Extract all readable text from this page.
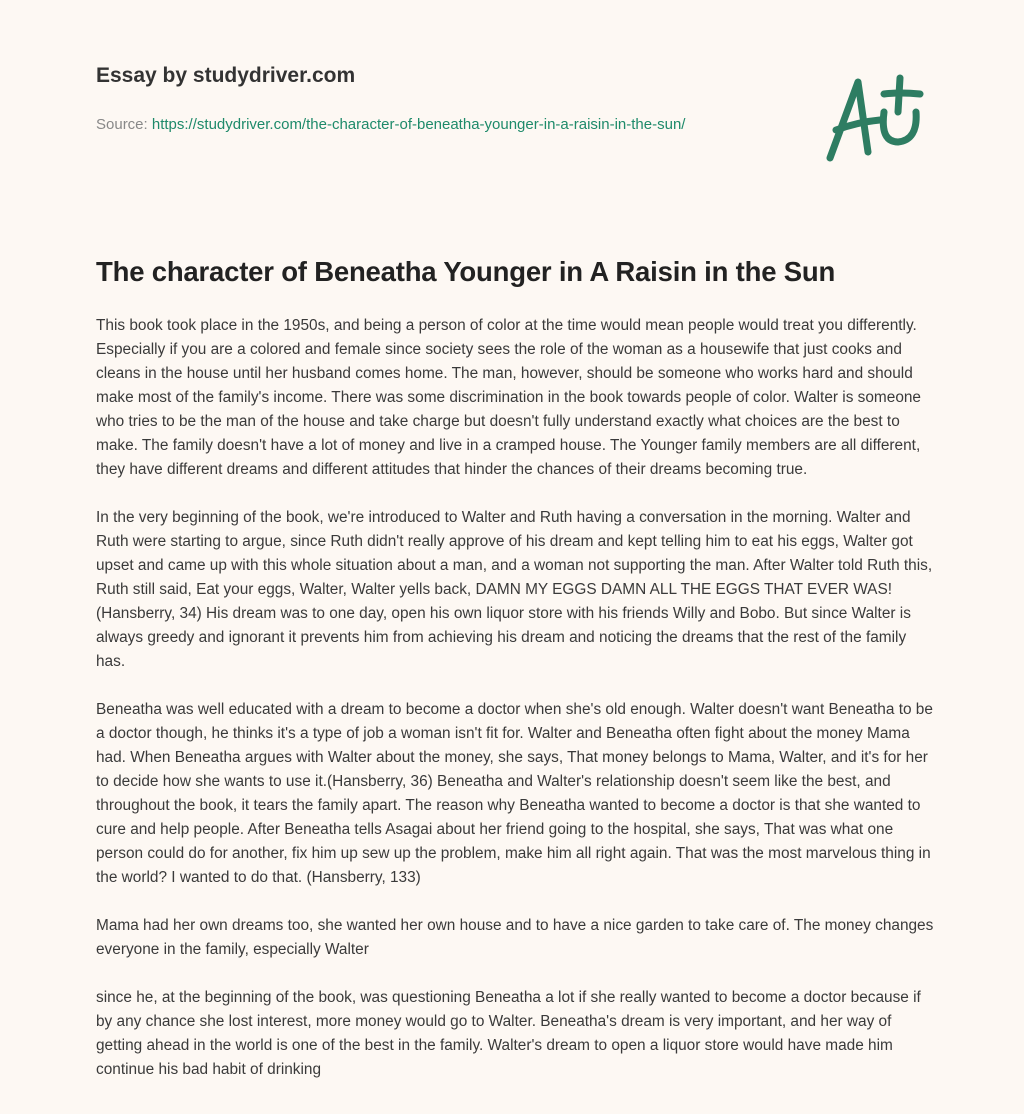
Essay by studydriver.com
Source: https://studydriver.com/the-character-of-beneatha-younger-in-a-raisin-in-the-sun/
The character of Beneatha Younger in A Raisin in the Sun

This book took place in the 1950s, and being a person of color at the time would mean people would treat you differently. Especially if you are a colored and female since society sees the role of the woman as a housewife that just cooks and cleans in the house until her husband comes home. The man, however, should be someone who works hard and should make most of the family's income. There was some discrimination in the book towards people of color. Walter is someone who tries to be the man of the house and take charge but doesn't fully understand exactly what choices are the best to make. The family doesn't have a lot of money and live in a cramped house. The Younger family members are all different, they have different dreams and different attitudes that hinder the chances of their dreams becoming true.

In the very beginning of the book, we're introduced to Walter and Ruth having a conversation in the morning. Walter and Ruth were starting to argue, since Ruth didn't really approve of his dream and kept telling him to eat his eggs, Walter got upset and came up with this whole situation about a man, and a woman not supporting the man. After Walter told Ruth this, Ruth still said, Eat your eggs, Walter, Walter yells back, DAMN MY EGGS DAMN ALL THE EGGS THAT EVER WAS! (Hansberry, 34) His dream was to one day, open his own liquor store with his friends Willy and Bobo. But since Walter is always greedy and ignorant it prevents him from achieving his dream and noticing the dreams that the rest of the family has.

Beneatha was well educated with a dream to become a doctor when she's old enough. Walter doesn't want Beneatha to be a doctor though, he thinks it's a type of job a woman isn't fit for. Walter and Beneatha often fight about the money Mama had. When Beneatha argues with Walter about the money, she says, That money belongs to Mama, Walter, and it's for her to decide how she wants to use it.(Hansberry, 36) Beneatha and Walter's relationship doesn't seem like the best, and throughout the book, it tears the family apart. The reason why Beneatha wanted to become a doctor is that she wanted to cure and help people. After Beneatha tells Asagai about her friend going to the hospital, she says, That was what one person could do for another, fix him up sew up the problem, make him all right again. That was the most marvelous thing in the world? I wanted to do that. (Hansberry, 133)

Mama had her own dreams too, she wanted her own house and to have a nice garden to take care of. The money changes everyone in the family, especially Walter

since he, at the beginning of the book, was questioning Beneatha a lot if she really wanted to become a doctor because if by any chance she lost interest, more money would go to Walter. Beneatha's dream is very important, and her way of getting ahead in the world is one of the best in the family. Walter's dream to open a liquor store would have made him continue his bad habit of drinking
